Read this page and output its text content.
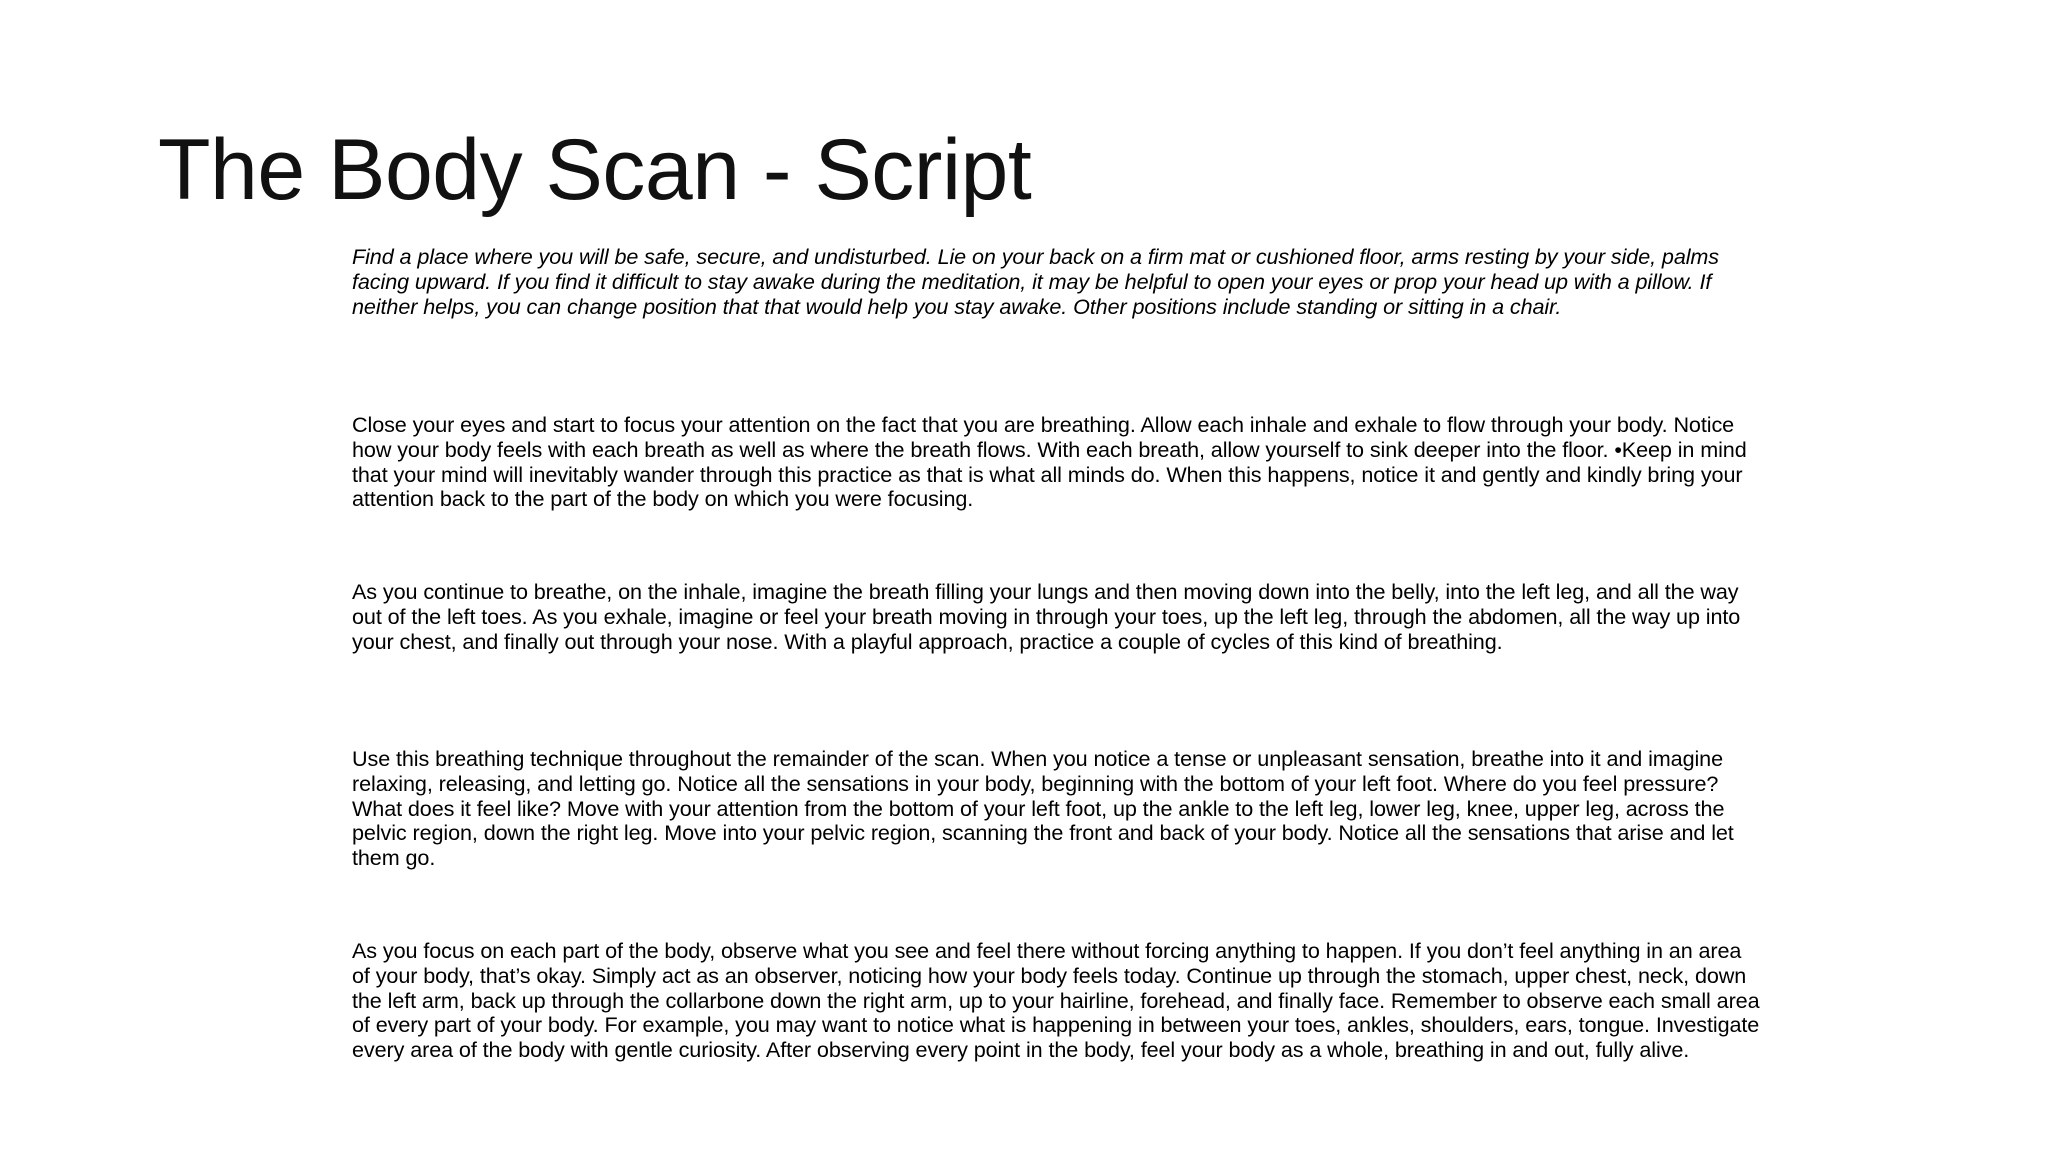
The Body Scan - Script

Find a place where you will be safe, secure, and undisturbed. Lie on your back on a firm mat or cushioned floor, arms resting by your side, palms facing upward. If you find it difficult to stay awake during the meditation, it may be helpful to open your eyes or prop your head up with a pillow. If neither helps, you can change position that that would help you stay awake. Other positions include standing or sitting in a chair.

Close your eyes and start to focus your attention on the fact that you are breathing. Allow each inhale and exhale to flow through your body. Notice how your body feels with each breath as well as where the breath flows. With each breath, allow yourself to sink deeper into the floor. •Keep in mind that your mind will inevitably wander through this practice as that is what all minds do. When this happens, notice it and gently and kindly bring your attention back to the part of the body on which you were focusing.

As you continue to breathe, on the inhale, imagine the breath filling your lungs and then moving down into the belly, into the left leg, and all the way out of the left toes. As you exhale, imagine or feel your breath moving in through your toes, up the left leg, through the abdomen, all the way up into your chest, and finally out through your nose. With a playful approach, practice a couple of cycles of this kind of breathing.

Use this breathing technique throughout the remainder of the scan. When you notice a tense or unpleasant sensation, breathe into it and imagine relaxing, releasing, and letting go. Notice all the sensations in your body, beginning with the bottom of your left foot. Where do you feel pressure? What does it feel like? Move with your attention from the bottom of your left foot, up the ankle to the left leg, lower leg, knee, upper leg, across the pelvic region, down the right leg. Move into your pelvic region, scanning the front and back of your body. Notice all the sensations that arise and let them go.

As you focus on each part of the body, observe what you see and feel there without forcing anything to happen. If you don’t feel anything in an area of your body, that’s okay. Simply act as an observer, noticing how your body feels today. Continue up through the stomach, upper chest, neck, down the left arm, back up through the collarbone down the right arm, up to your hairline, forehead, and finally face. Remember to observe each small area of every part of your body. For example, you may want to notice what is happening in between your toes, ankles, shoulders, ears, tongue. Investigate every area of the body with gentle curiosity. After observing every point in the body, feel your body as a whole, breathing in and out, fully alive.
